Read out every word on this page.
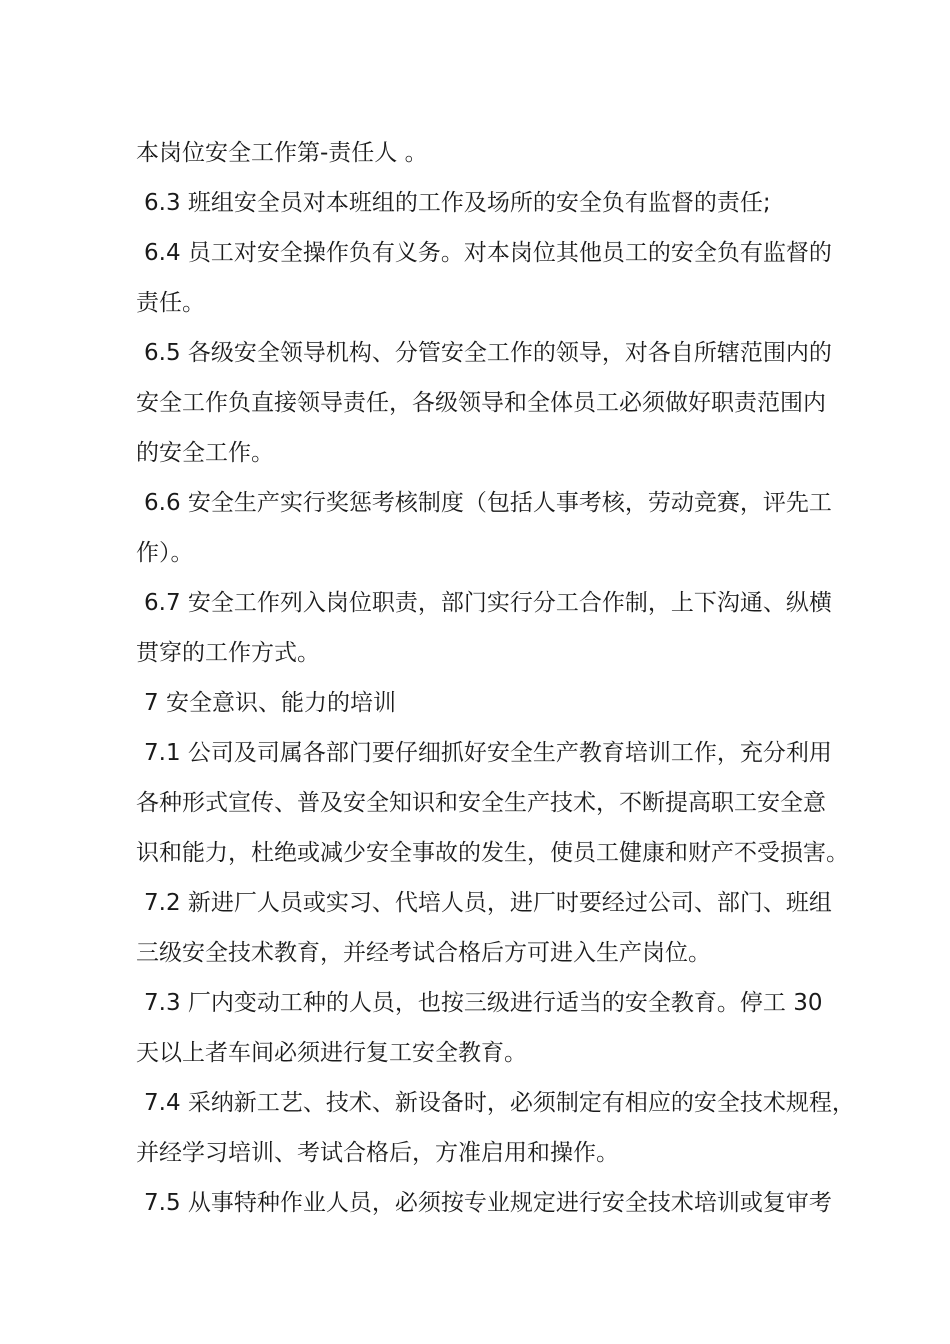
本岗位安全工作第-责任人 。
6.3 班组安全员对本班组的工作及场所的安全负有监督的责任;
6.4 员工对安全操作负有义务。对本岗位其他员工的安全负有监督的
责任。
6.5 各级安全领导机构、分管安全工作的领导，对各自所辖范围内的
安全工作负直接领导责任，各级领导和全体员工必须做好职责范围内
的安全工作。
6.6 安全生产实行奖惩考核制度（包括人事考核，劳动竞赛，评先工
作）。
6.7 安全工作列入岗位职责，部门实行分工合作制，上下沟通、纵横
贯穿的工作方式。
7 安全意识、能力的培训
7.1 公司及司属各部门要仔细抓好安全生产教育培训工作，充分利用
各种形式宣传、普及安全知识和安全生产技术，不断提高职工安全意
识和能力，杜绝或减少安全事故的发生，使员工健康和财产不受损害。
7.2 新进厂人员或实习、代培人员，进厂时要经过公司、部门、班组
三级安全技术教育，并经考试合格后方可进入生产岗位。
7.3 厂内变动工种的人员，也按三级进行适当的安全教育。停工 30
天以上者车间必须进行复工安全教育。
7.4 采纳新工艺、技术、新设备时，必须制定有相应的安全技术规程，
并经学习培训、考试合格后，方准启用和操作。
7.5 从事特种作业人员，必须按专业规定进行安全技术培训或复审考
